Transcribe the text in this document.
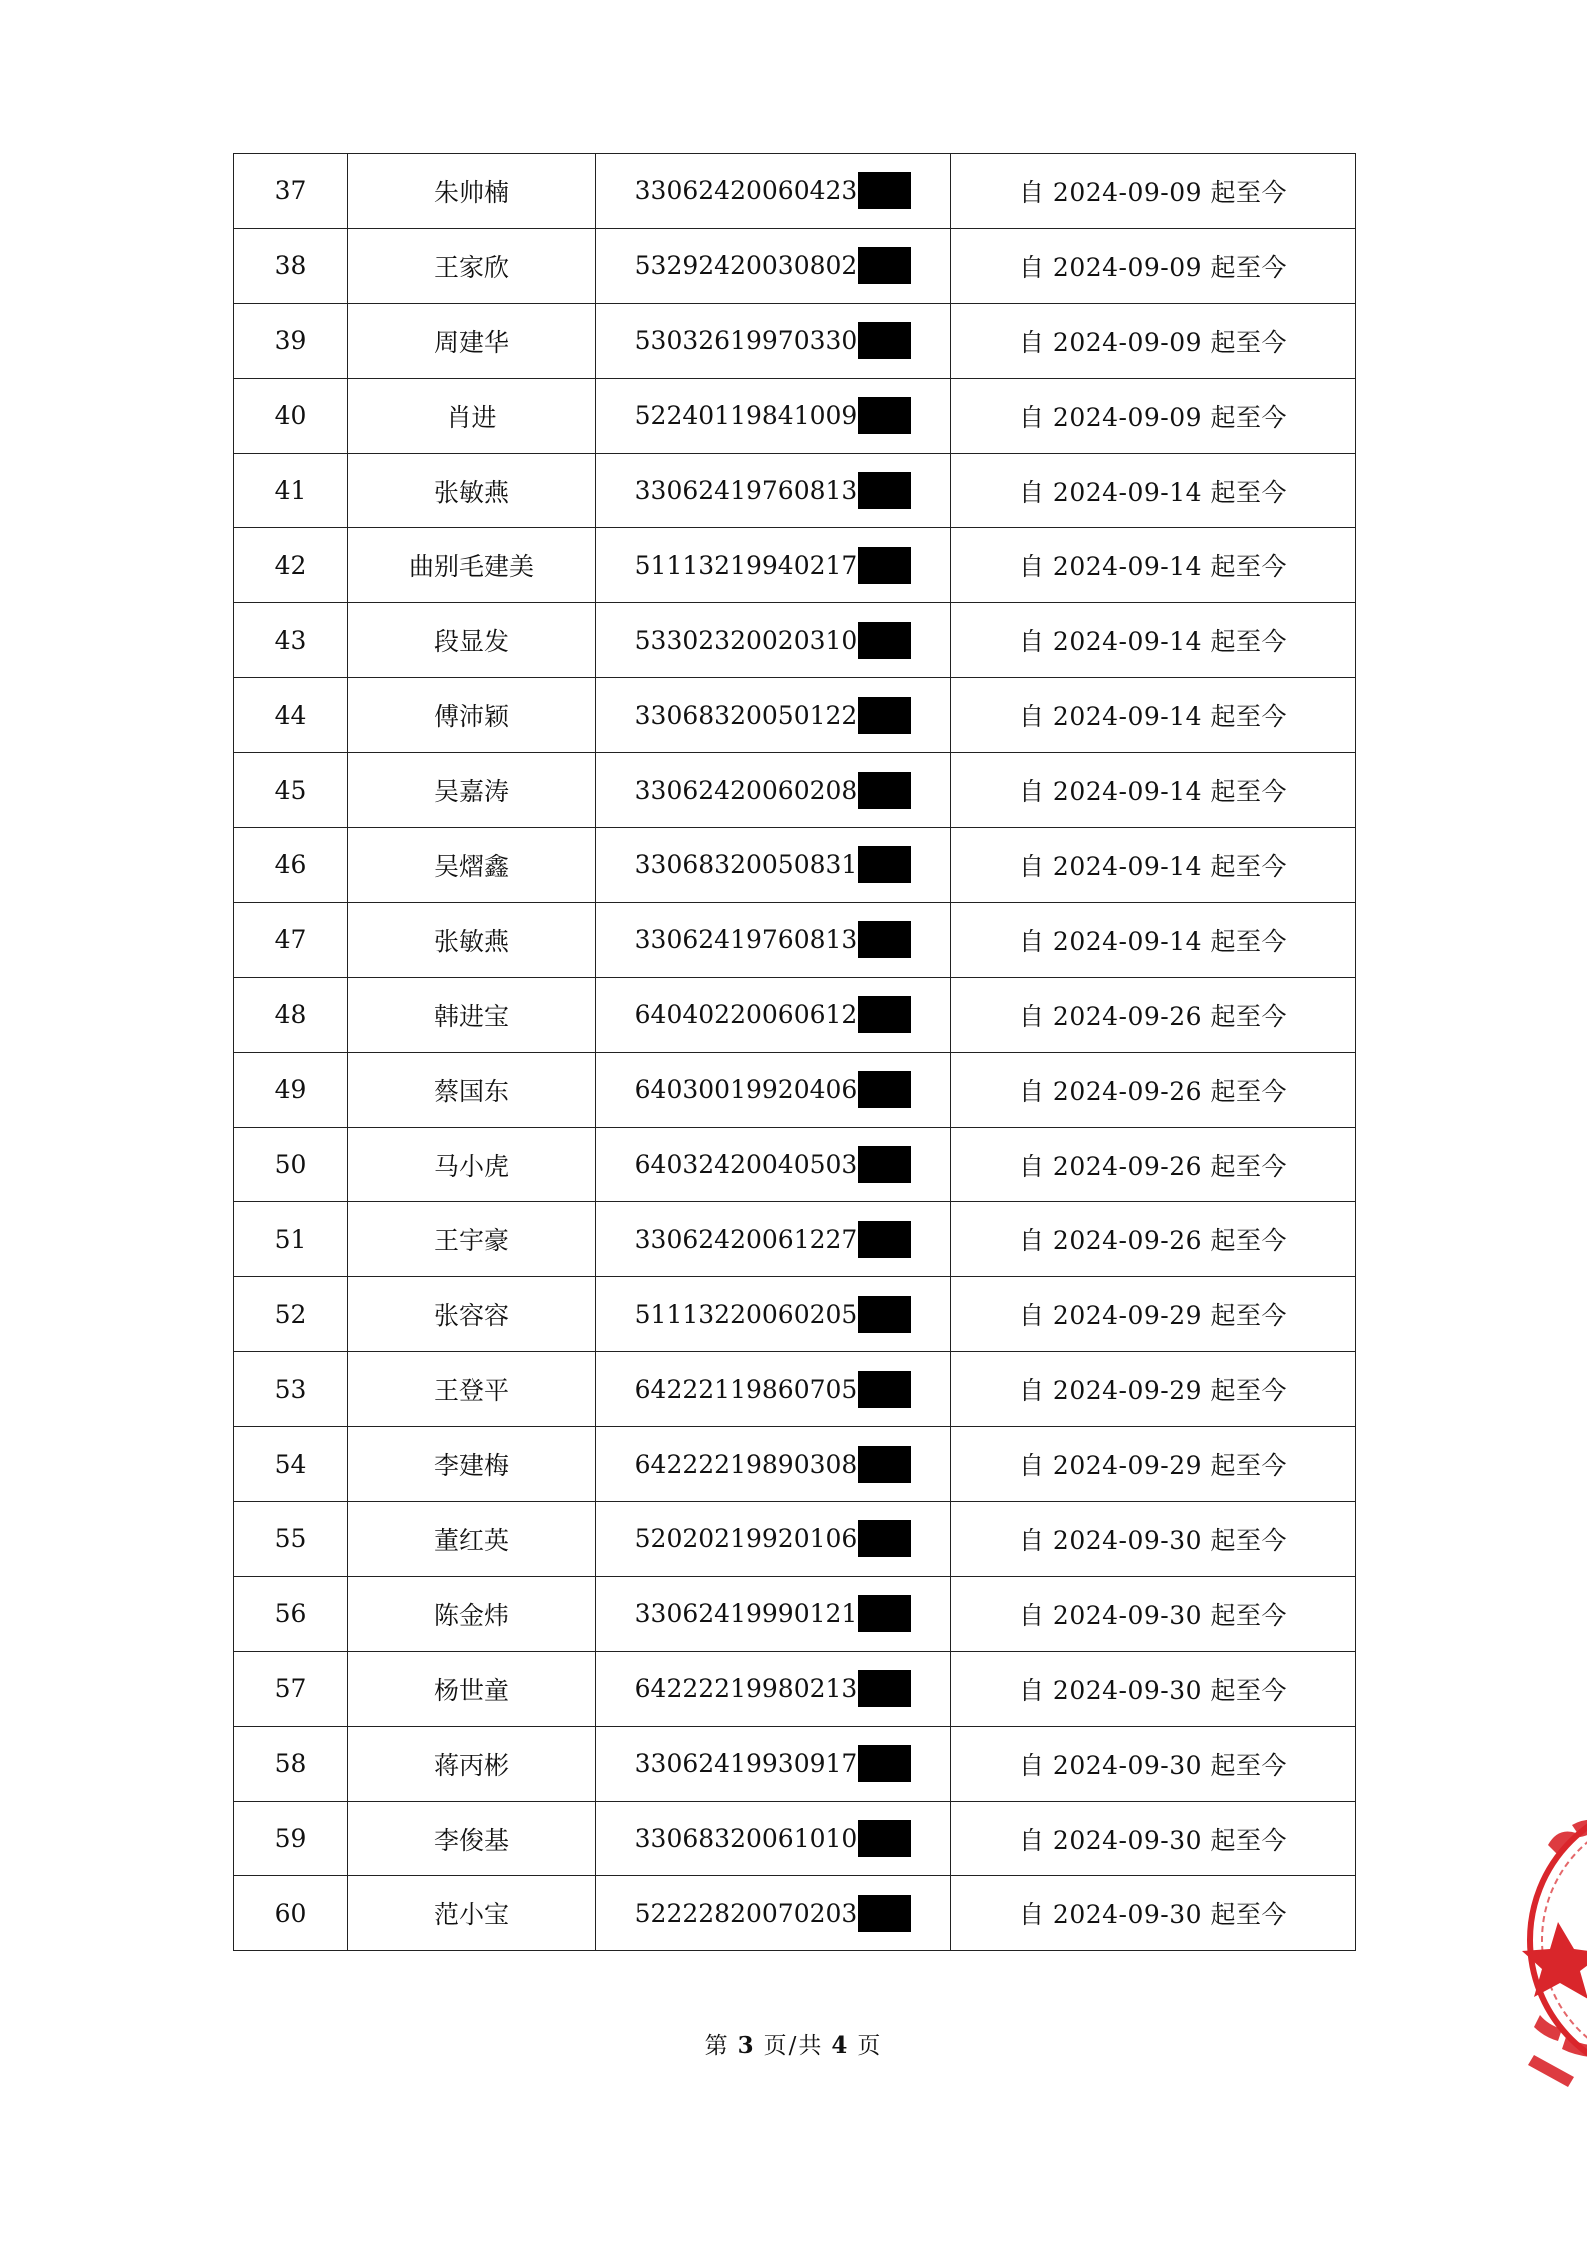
37	朱帅楠	33062420060423	自 2024-09-09 起至今
38	王家欣	53292420030802	自 2024-09-09 起至今
39	周建华	53032619970330	自 2024-09-09 起至今
40	肖进	52240119841009	自 2024-09-09 起至今
41	张敏燕	33062419760813	自 2024-09-14 起至今
42	曲别毛建美	51113219940217	自 2024-09-14 起至今
43	段显发	53302320020310	自 2024-09-14 起至今
44	傅沛颖	33068320050122	自 2024-09-14 起至今
45	吴嘉涛	33062420060208	自 2024-09-14 起至今
46	吴熠鑫	33068320050831	自 2024-09-14 起至今
47	张敏燕	33062419760813	自 2024-09-14 起至今
48	韩进宝	64040220060612	自 2024-09-26 起至今
49	蔡国东	64030019920406	自 2024-09-26 起至今
50	马小虎	64032420040503	自 2024-09-26 起至今
51	王宇豪	33062420061227	自 2024-09-26 起至今
52	张容容	51113220060205	自 2024-09-29 起至今
53	王登平	64222119860705	自 2024-09-29 起至今
54	李建梅	64222219890308	自 2024-09-29 起至今
55	董红英	52020219920106	自 2024-09-30 起至今
56	陈金炜	33062419990121	自 2024-09-30 起至今
57	杨世童	64222219980213	自 2024-09-30 起至今
58	蒋丙彬	33062419930917	自 2024-09-30 起至今
59	李俊基	33068320061010	自 2024-09-30 起至今
60	范小宝	52222820070203	自 2024-09-30 起至今
第 3 页/共 4 页
